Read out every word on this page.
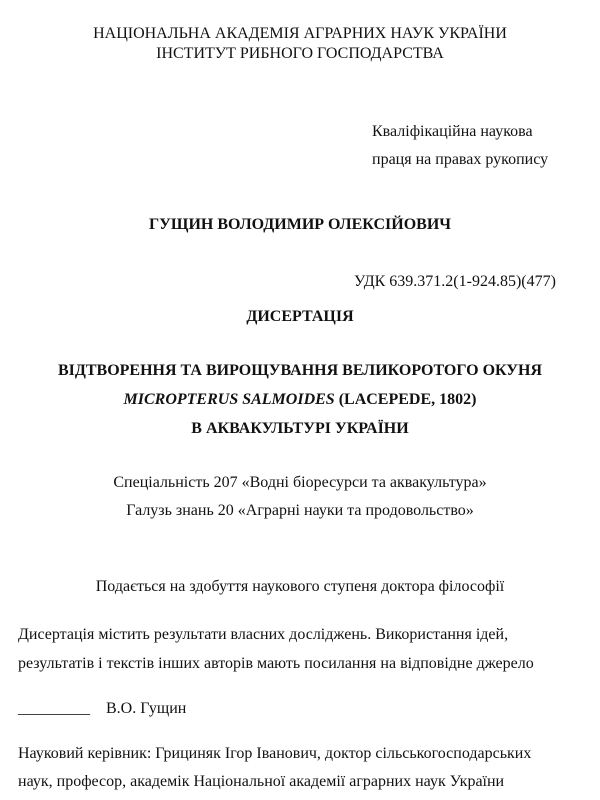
НАЦІОНАЛЬНА АКАДЕМІЯ АГРАРНИХ НАУК УКРАЇНИ
ІНСТИТУТ РИБНОГО ГОСПОДАРСТВА
Кваліфікаційна наукова
праця на правах рукопису
ГУЩИН ВОЛОДИМИР ОЛЕКСІЙОВИЧ
УДК 639.371.2(1-924.85)(477)
ДИСЕРТАЦІЯ
ВІДТВОРЕННЯ ТА ВИРОЩУВАННЯ ВЕЛИКОРОТОГО ОКУНЯ
MICROPTERUS SALMOIDES (LACEPEDE, 1802)
В АКВАКУЛЬТУРІ УКРАЇНИ
Спеціальність 207 «Водні біоресурси та аквакультура»
Галузь знань 20 «Аграрні науки та продовольство»
Подається на здобуття наукового ступеня доктора філософії
Дисертація містить результати власних досліджень. Використання ідей,
результатів і текстів інших авторів мають посилання на відповідне джерело
_________ В.О. Гущин
Науковий керівник: Грициняк Ігор Іванович, доктор сільськогосподарських
наук, професор, академік Національної академії аграрних наук України
